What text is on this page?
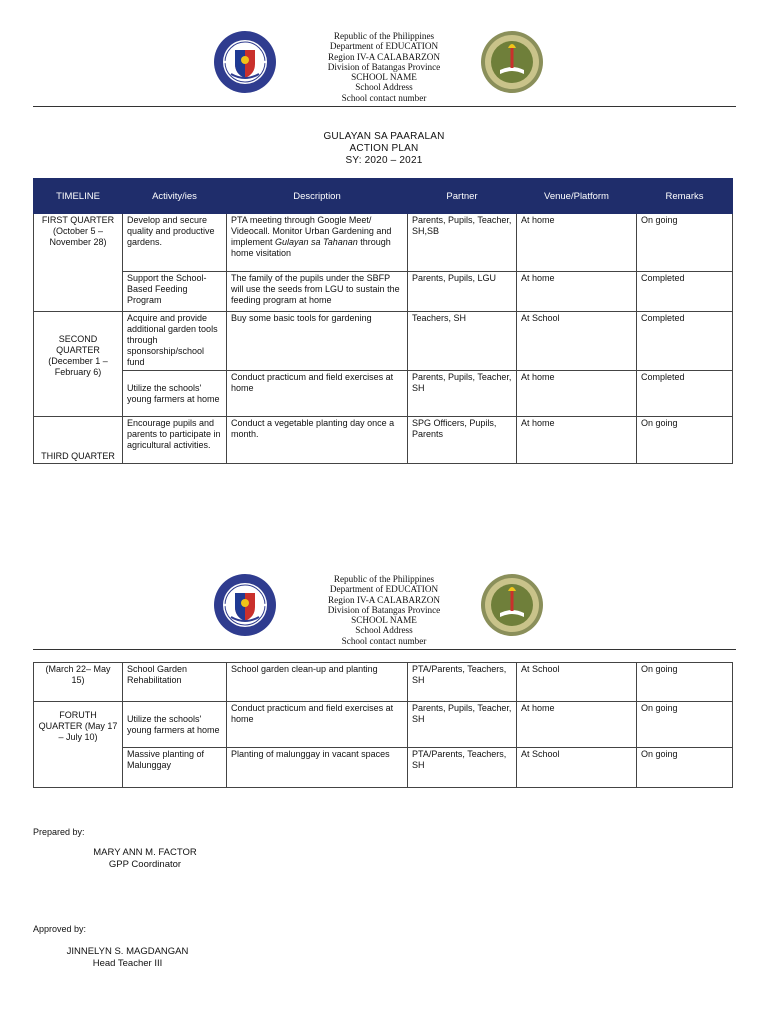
Republic of the Philippines
Department of EDUCATION
Region IV-A CALABARZON
Division of Batangas Province
SCHOOL NAME
School Address
School contact number
GULAYAN SA PAARALAN
ACTION PLAN
SY: 2020 – 2021
TIMELINE	Activity/ies	Description	Partner	Venue/Platform	Remarks
FIRST QUARTER (October 5 – November 28)	Develop and secure quality and productive gardens.	PTA meeting through Google Meet/ Videocall. Monitor Urban Gardening and implement Gulayan sa Tahanan through home visitation	Parents, Pupils, Teacher, SH,SB	At home	On going
	Support the School-Based Feeding Program	The family of the pupils under the SBFP will use the seeds from LGU to sustain the feeding program at home	Parents, Pupils, LGU	At home	Completed
SECOND QUARTER (December 1 – February 6)	Acquire and provide additional garden tools through sponsorship/school fund	Buy some basic tools for gardening	Teachers, SH	At School	Completed
	Utilize the schools' young farmers at home	Conduct practicum and field exercises at home	Parents, Pupils, Teacher, SH	At home	Completed
THIRD QUARTER	Encourage pupils and parents to participate in agricultural activities.	Conduct a vegetable planting day once a month.	SPG Officers, Pupils, Parents	At home	On going
Republic of the Philippines
Department of EDUCATION
Region IV-A CALABARZON
Division of Batangas Province
SCHOOL NAME
School Address
School contact number
(March 22– May 15)	School Garden Rehabilitation	School garden clean-up and planting	PTA/Parents, Teachers, SH	At School	On going
FORUTH QUARTER (May 17 – July 10)	Utilize the schools' young farmers at home	Conduct practicum and field exercises at home	Parents, Pupils, Teacher, SH	At home	On going
	Massive planting of Malunggay	Planting of malunggay in vacant spaces	PTA/Parents, Teachers, SH	At School	On going
Prepared by:
MARY ANN M. FACTOR
GPP Coordinator
Approved by:
JINNELYN S. MAGDANGAN
Head Teacher III
